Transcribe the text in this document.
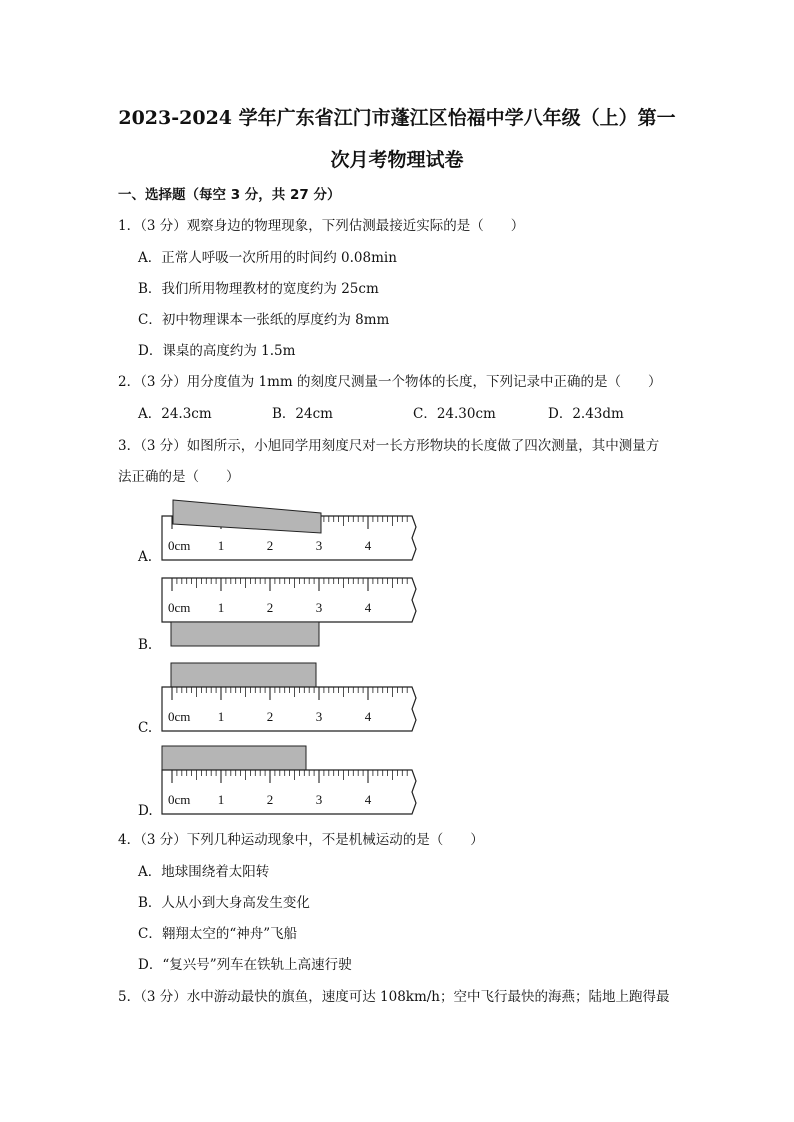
2023-2024 学年广东省江门市蓬江区怡福中学八年级（上）第一
次月考物理试卷
一、选择题（每空 3 分，共 27 分）
1．（3 分）观察身边的物理现象，下列估测最接近实际的是（　　）
A．正常人呼吸一次所用的时间约 0.08min
B．我们所用物理教材的宽度约为 25cm
C．初中物理课本一张纸的厚度约为 8mm
D．课桌的高度约为 1.5m
2．（3 分）用分度值为 1mm 的刻度尺测量一个物体的长度，下列记录中正确的是（　　）
A．24.3cm	B．24cm	C．24.30cm	D．2.43dm
3．（3 分）如图所示，小旭同学用刻度尺对一长方形物块的长度做了四次测量，其中测量方
法正确的是（　　）
0cm 1	2	3	4
A.
0cm 1	2	3	4
B.
0cm 1	2	3	4
C.
0cm 1	2	3	4
D.
4．（3 分）下列几种运动现象中，不是机械运动的是（　　）
A．地球围绕着太阳转
B．人从小到大身高发生变化
C．翱翔太空的“神舟”飞船
D．“复兴号”列车在铁轨上高速行驶
5．（3 分）水中游动最快的旗鱼，速度可达 108km/h；空中飞行最快的海燕；陆地上跑得最
